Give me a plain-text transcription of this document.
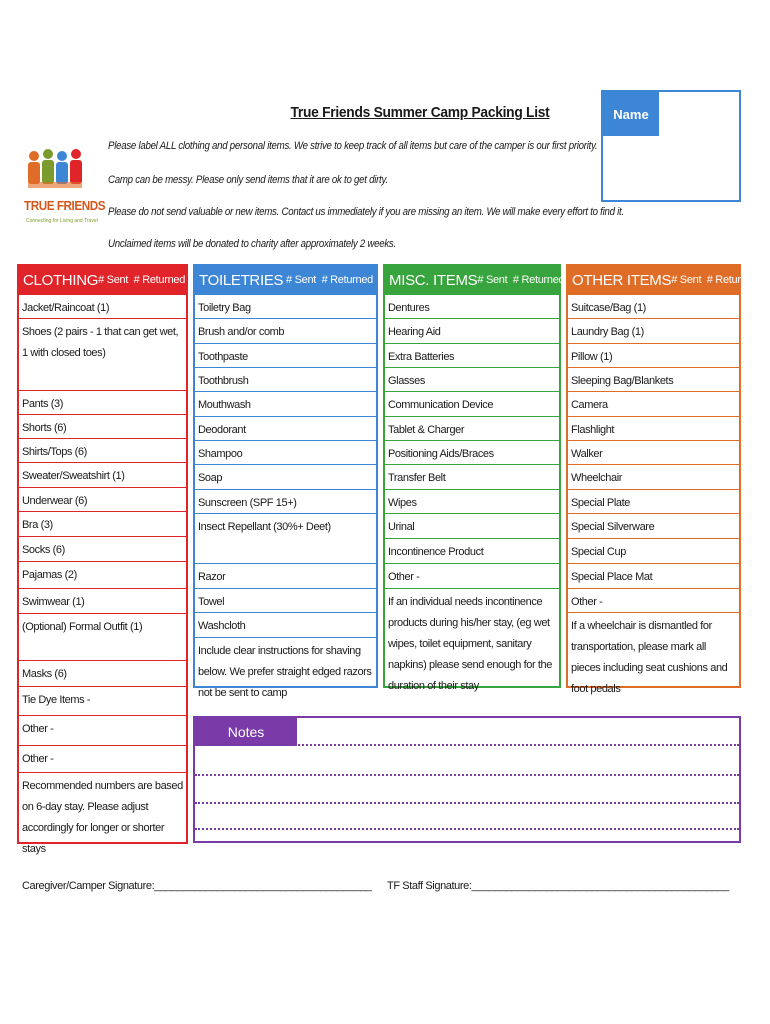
True Friends Summer Camp Packing List	Name
TRUE FRIENDS
Connecting for Living and Travel
Please label ALL clothing and personal items. We strive to keep track of all items but care of the camper is our first priority.
Camp can be messy. Please only send items that it are ok to get dirty.
Please do not send valuable or new items. Contact us immediately if you are missing an item. We will make every effort to find it.
Unclaimed items will be donated to charity after approximately 2 weeks.
CLOTHING # Sent # Returned
Jacket/Raincoat (1)
Shoes (2 pairs - 1 that can get wet, 1 with closed toes)
Pants (3)
Shorts (6)
Shirts/Tops (6)
Sweater/Sweatshirt (1)
Underwear (6)
Bra (3)
Socks (6)
Pajamas (2)
Swimwear (1)
(Optional) Formal Outfit (1)
Masks (6)
Tie Dye Items -
Other -
Other -
Recommended numbers are based on 6-day stay. Please adjust accordingly for longer or shorter stays
TOILETRIES # Sent # Returned
Toiletry Bag
Brush and/or comb
Toothpaste
Toothbrush
Mouthwash
Deodorant
Shampoo
Soap
Sunscreen (SPF 15+)
Insect Repellant (30%+ Deet)
Razor
Towel
Washcloth
Include clear instructions for shaving below. We prefer straight edged razors not be sent to camp
MISC. ITEMS # Sent # Returned
Dentures
Hearing Aid
Extra Batteries
Glasses
Communication Device
Tablet & Charger
Positioning Aids/Braces
Transfer Belt
Wipes
Urinal
Incontinence Product
Other -
If an individual needs incontinence products during his/her stay, (eg wet wipes, toilet equipment, sanitary napkins) please send enough for the duration of their stay
OTHER ITEMS # Sent # Returned
Suitcase/Bag (1)
Laundry Bag (1)
Pillow (1)
Sleeping Bag/Blankets
Camera
Flashlight
Walker
Wheelchair
Special Plate
Special Silverware
Special Cup
Special Place Mat
Other -
If a wheelchair is dismantled for transportation, please mark all pieces including seat cushions and foot pedals
Notes
Caregiver/Camper Signature:______________________________________ TF Staff Signature:_____________________________________________
